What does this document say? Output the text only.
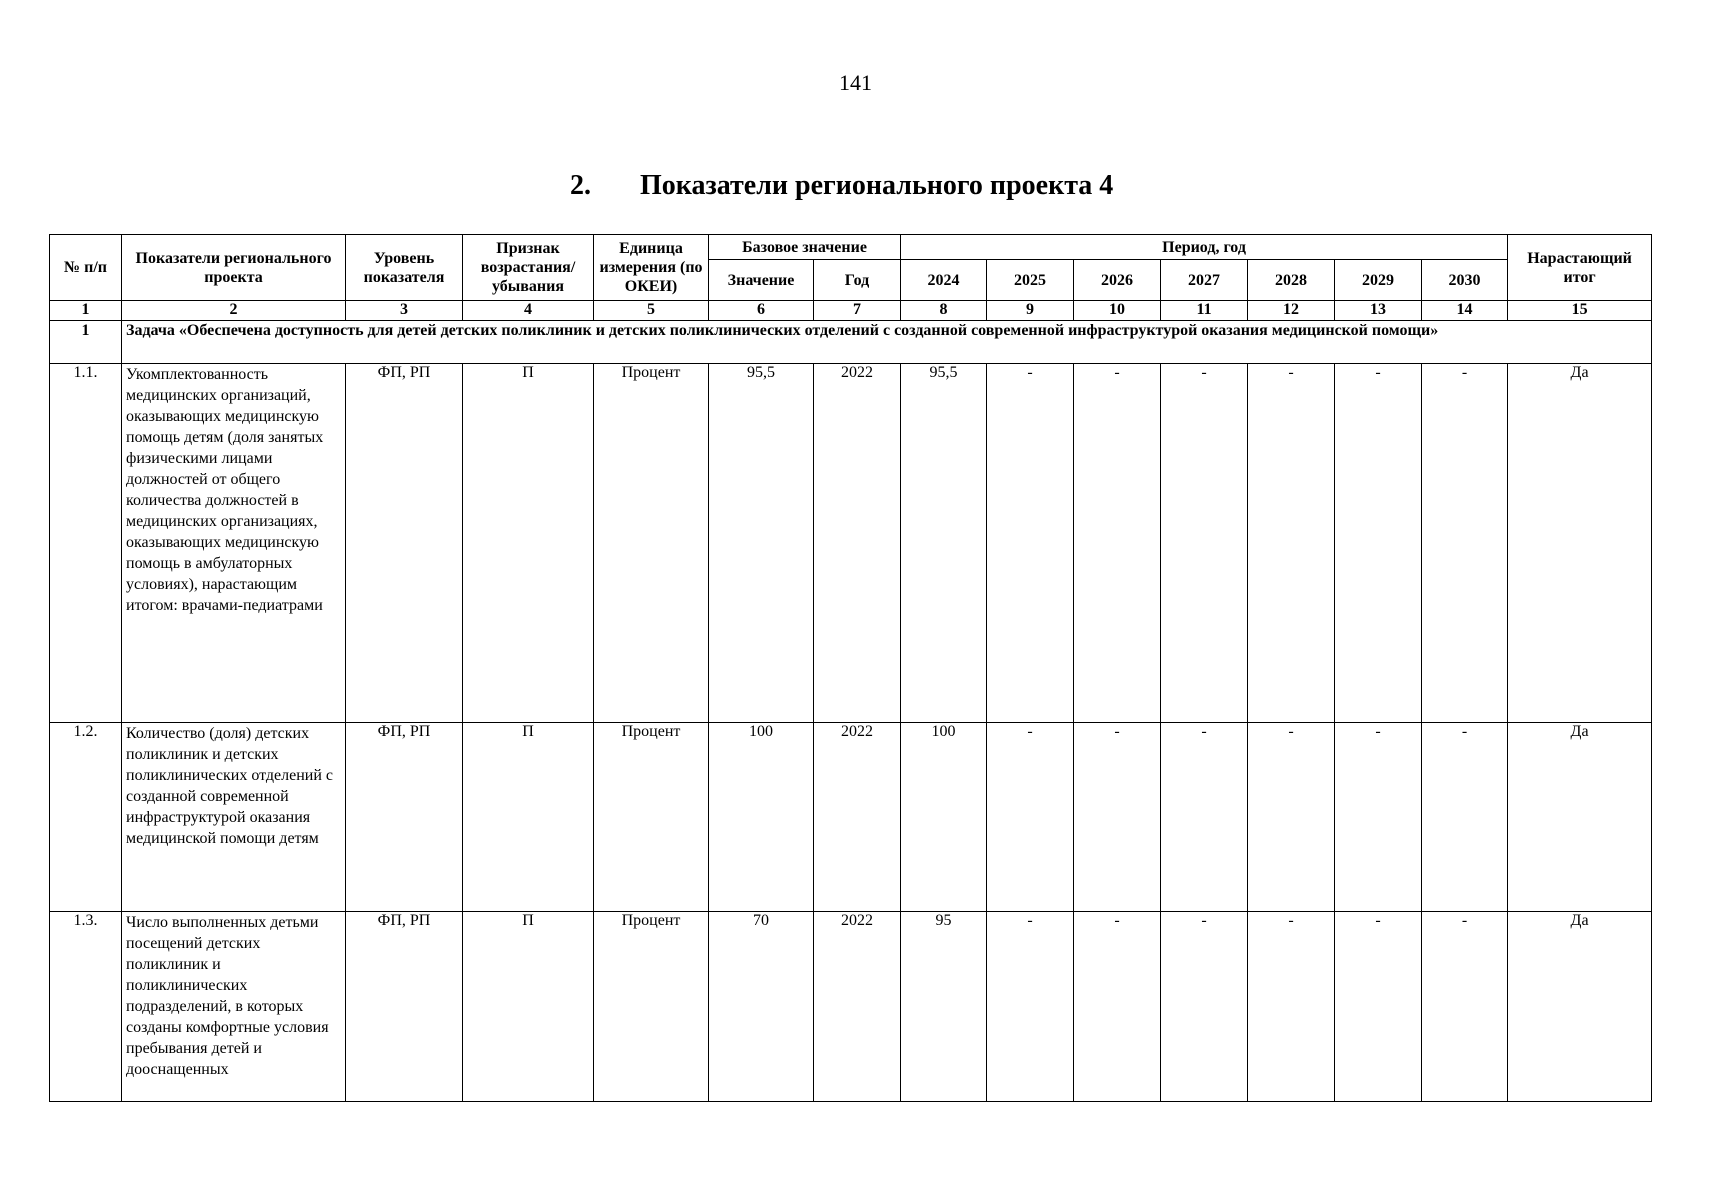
141
2. Показатели регионального проекта 4
№ п/п	Показатели регионального проекта	Уровень показателя	Признак возрастания/ убывания	Единица измерения (по ОКЕИ)	Базовое значение		Период, год							Нарастающий итог
					Значение	Год	2024	2025	2026	2027	2028	2029	2030	
1	2	3	4	5	6	7	8	9	10	11	12	13	14	15
1	Задача «Обеспечена доступность для детей детских поликлиник и детских поликлинических отделений с созданной современной инфраструктурой оказания медицинской помощи»													
1.1.	Укомплектованность медицинских организаций, оказывающих медицинскую помощь детям (доля занятых физическими лицами должностей от общего количества должностей в медицинских организациях, оказывающих медицинскую помощь в амбулаторных условиях), нарастающим итогом: врачами-педиатрами	ФП, РП	П	Процент	95,5	2022	95,5	-	-	-	-	-	-	Да
1.2.	Количество (доля) детских поликлиник и детских поликлинических отделений с созданной современной инфраструктурой оказания медицинской помощи детям	ФП, РП	П	Процент	100	2022	100	-	-	-	-	-	-	Да
1.3.	Число выполненных детьми посещений детских поликлиник и поликлинических подразделений, в которых созданы комфортные условия пребывания детей и дооснащенных	ФП, РП	П	Процент	70	2022	95	-	-	-	-	-	-	Да
